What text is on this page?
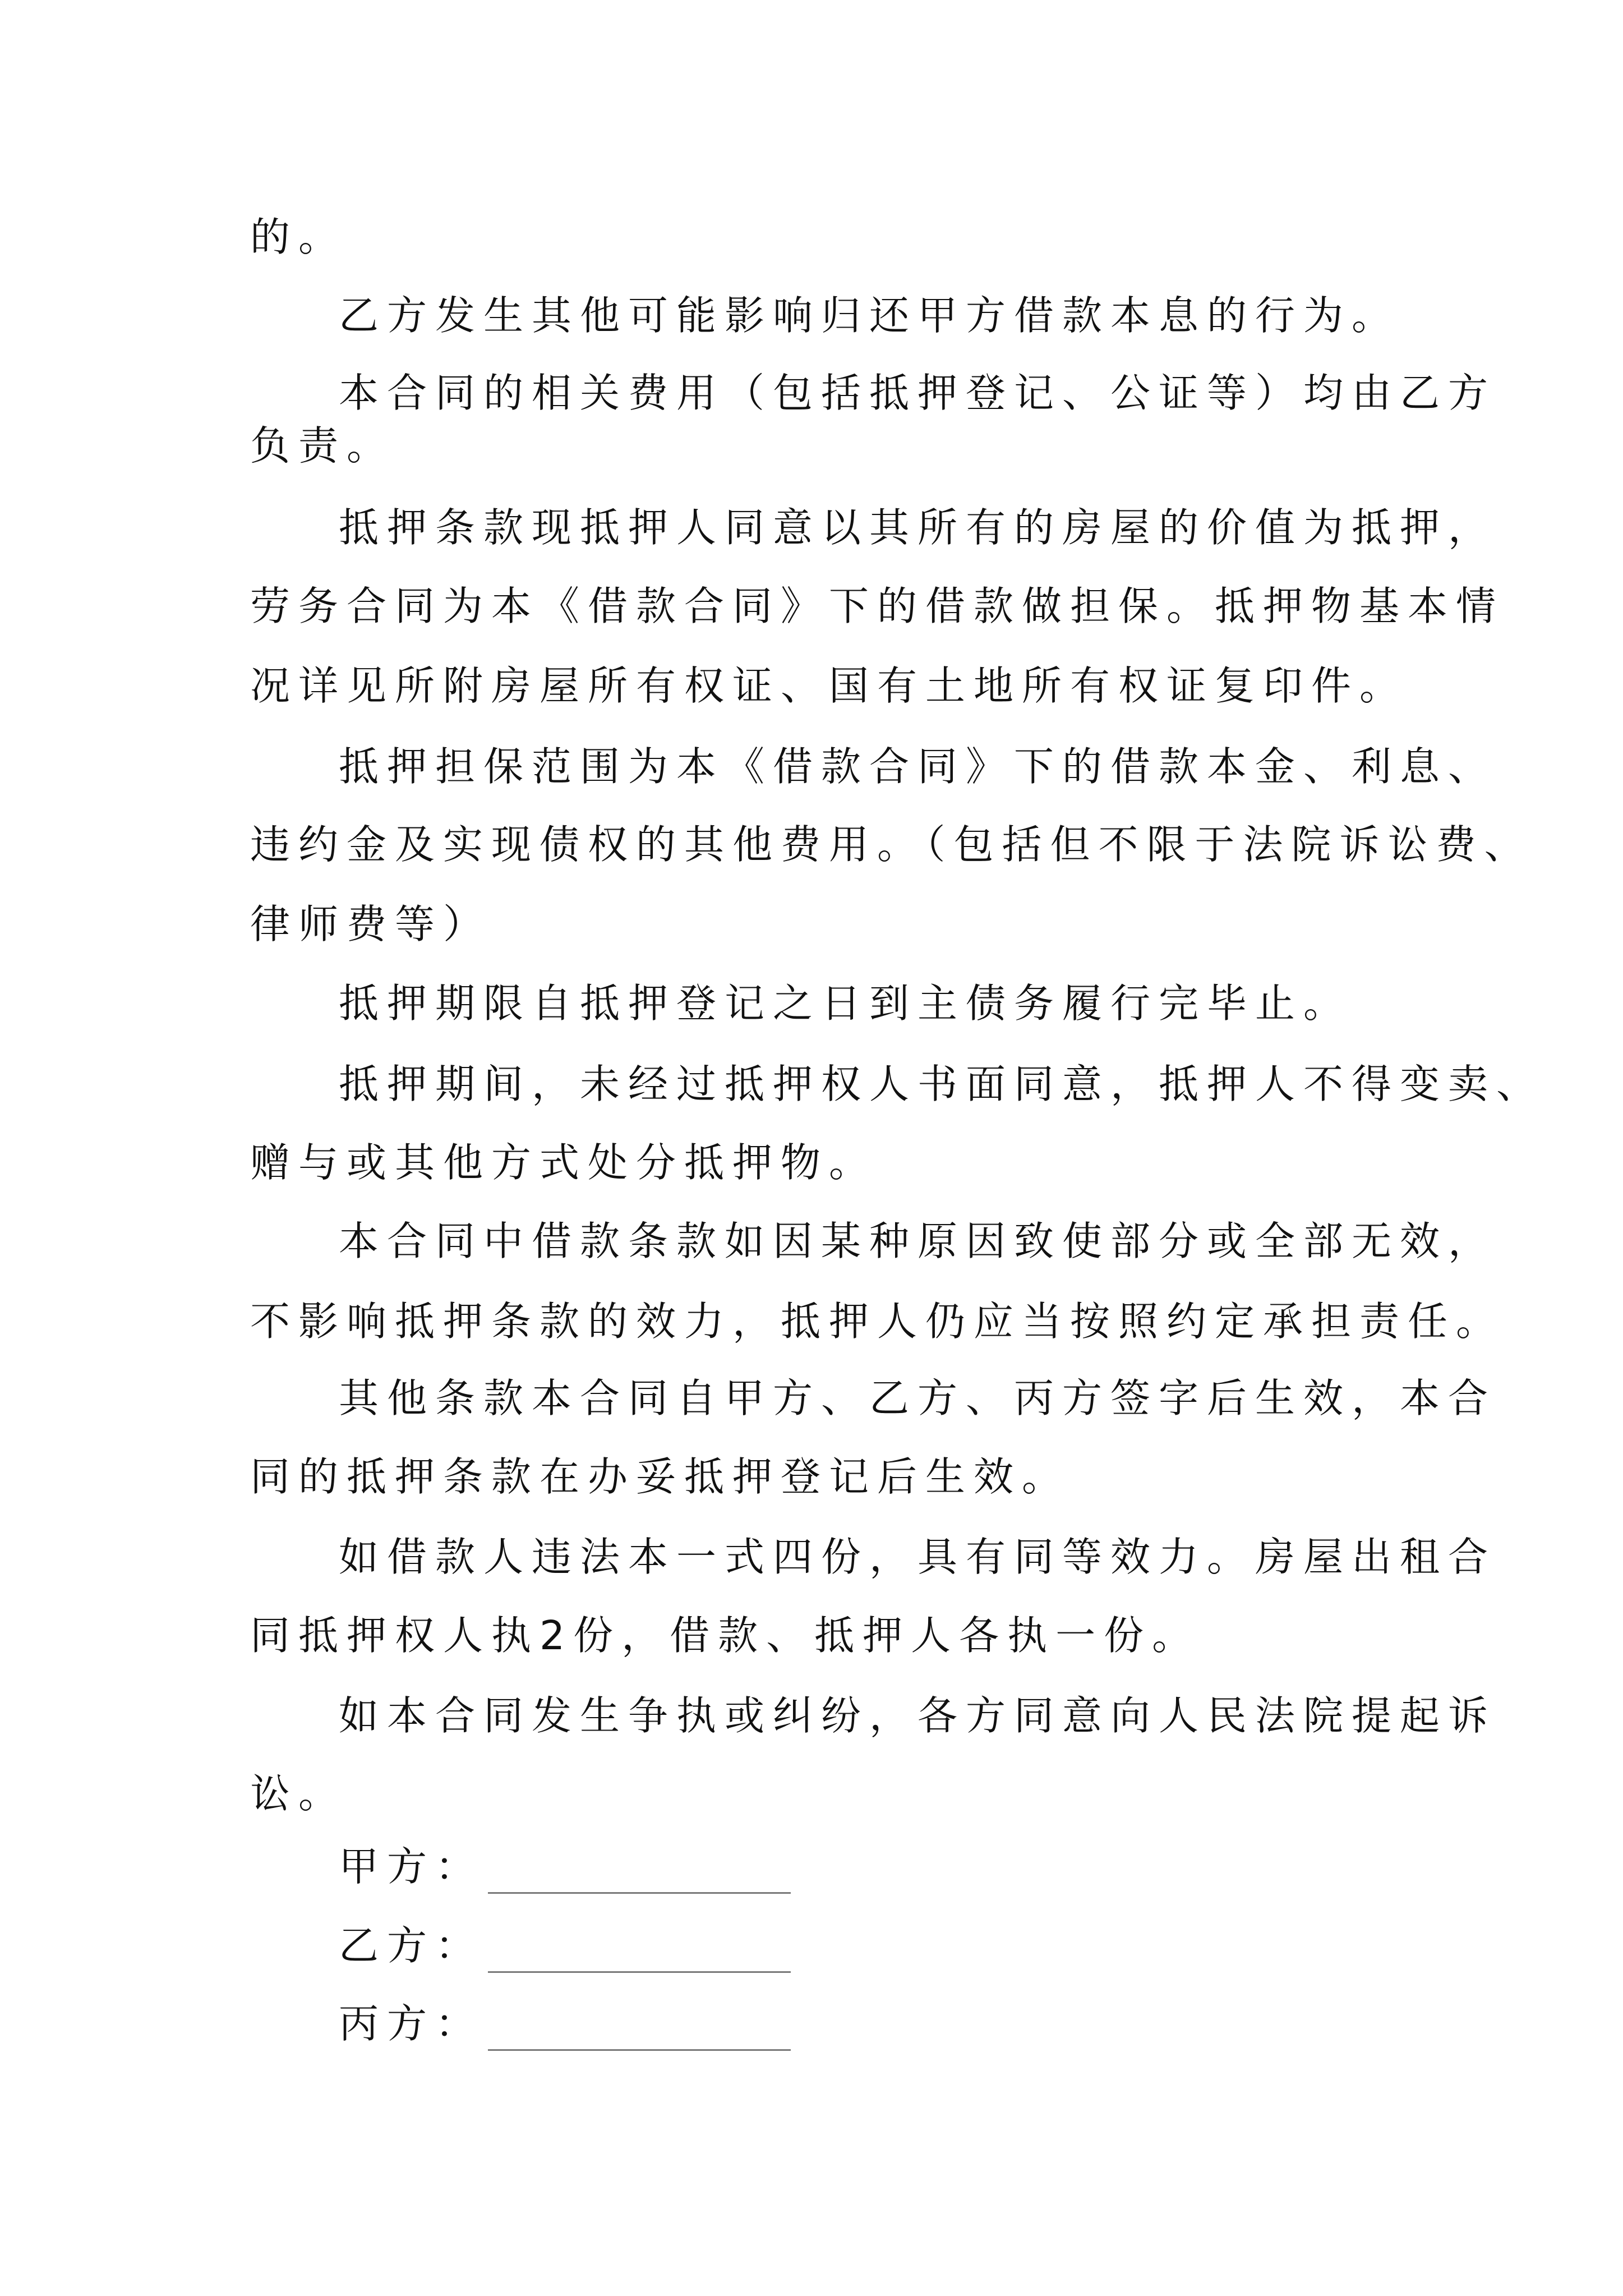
的。
乙方发生其他可能影响归还甲方借款本息的行为。
本合同的相关费用（包括抵押登记、公证等）均由乙方
负责。
抵押条款现抵押人同意以其所有的房屋的价值为抵押，
劳务合同为本《借款合同》下的借款做担保。抵押物基本情
况详见所附房屋所有权证、国有土地所有权证复印件。
抵押担保范围为本《借款合同》下的借款本金、利息、
违约金及实现债权的其他费用。（包括但不限于法院诉讼费、
律师费等）
抵押期限自抵押登记之日到主债务履行完毕止。
抵押期间，未经过抵押权人书面同意，抵押人不得变卖、
赠与或其他方式处分抵押物。
本合同中借款条款如因某种原因致使部分或全部无效，
不影响抵押条款的效力，抵押人仍应当按照约定承担责任。
其他条款本合同自甲方、乙方、丙方签字后生效，本合
同的抵押条款在办妥抵押登记后生效。
如借款人违法本一式四份，具有同等效力。房屋出租合
同抵押权人执2份，借款、抵押人各执一份。
如本合同发生争执或纠纷，各方同意向人民法院提起诉
讼。
甲方：
乙方：
丙方：
